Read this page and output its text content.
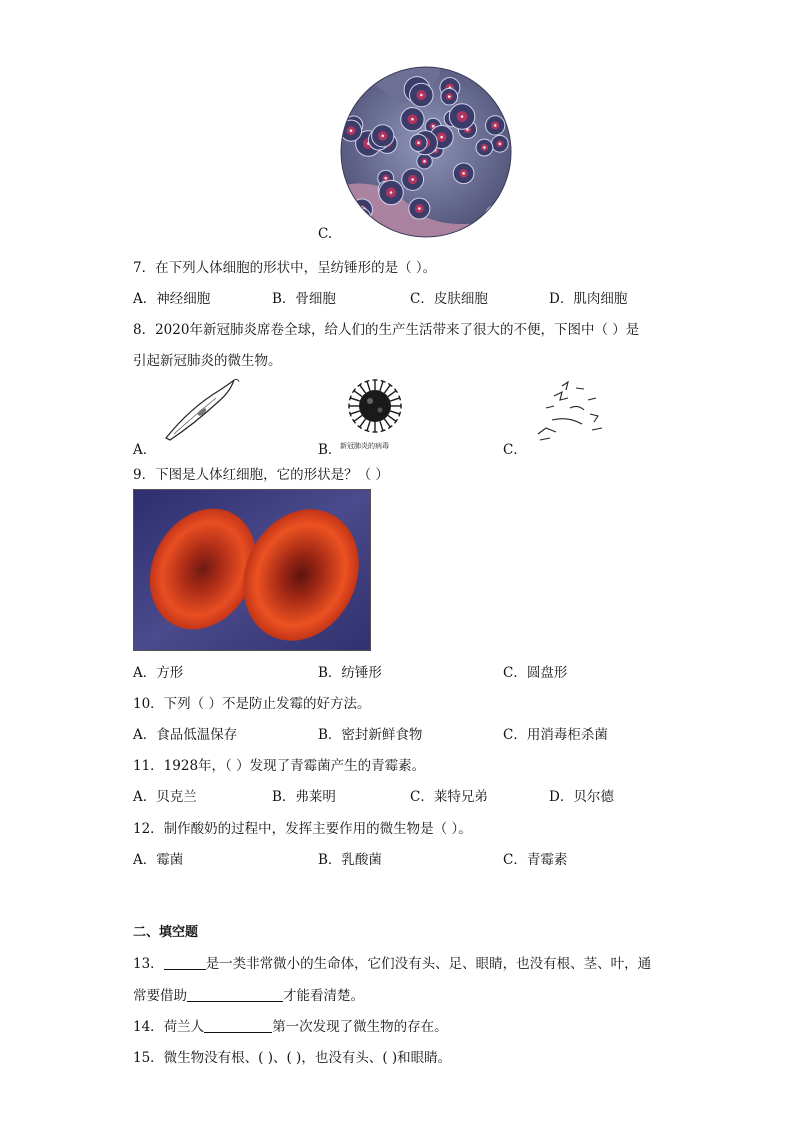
C.
7．在下列人体细胞的形状中，呈纺锤形的是（ ）。
A．神经细胞	B．骨细胞	C．皮肤细胞	D．肌肉细胞
8．2020年新冠肺炎席卷全球，给人们的生产生活带来了很大的不便，下图中（ ）是
引起新冠肺炎的微生物。
A．	B．
新冠肺炎的病毒	C．
9．下图是人体红细胞，它的形状是？（ ）
A．方形	B．纺锤形	C．圆盘形
10．下列（ ）不是防止发霉的好方法。
A．食品低温保存	B．密封新鲜食物	C．用消毒柜杀菌
11．1928年，（ ）发现了青霉菌产生的青霉素。
A．贝克兰	B．弗莱明	C．莱特兄弟	D．贝尔德
12．制作酸奶的过程中，发挥主要作用的微生物是（ ）。
A．霉菌	B．乳酸菌	C．青霉素
二、填空题
13．	是一类非常微小的生命体，它们没有头、足、眼睛，也没有根、茎、叶，通
常要借助	才能看清楚。
14．荷兰人	第一次发现了微生物的存在。
15．微生物没有根、( )、( )，也没有头、( )和眼睛。
